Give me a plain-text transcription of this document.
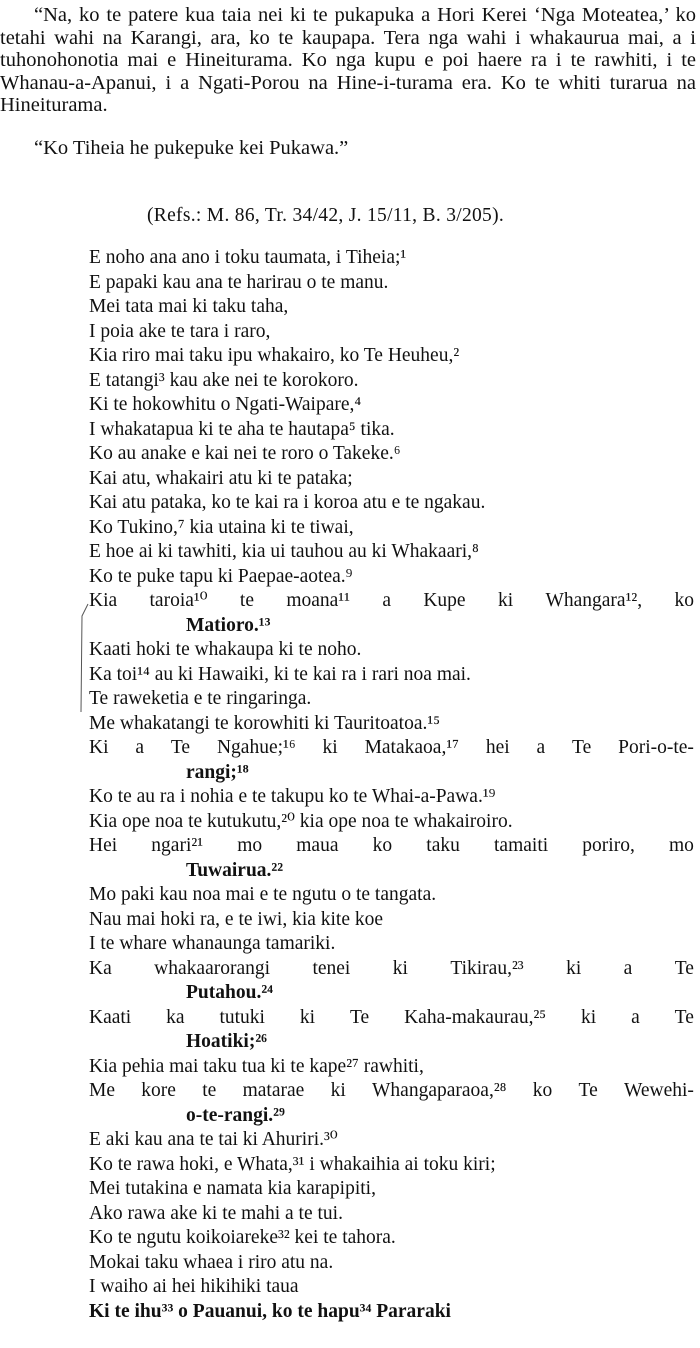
“Na, ko te patere kua taia nei ki te pukapuka a Hori Kerei ‘Nga Moteatea,’ ko tetahi wahi na Karangi, ara, ko te kaupapa. Tera nga wahi i whakaurua mai, a i tuhonohonotia mai e Hineiturama. Ko nga kupu e poi haere ra i te rawhiti, i te Whanau-a-Apanui, i a Ngati-Porou na Hine-i-turama era. Ko te whiti turarua na Hineiturama.

“Ko Tiheia he pukepuke kei Pukawa.”

(Refs.: M. 86, Tr. 34/42, J. 15/11, B. 3/205).

E noho ana ano i toku taumata, i Tiheia;¹
E papaki kau ana te harirau o te manu.
Mei tata mai ki taku taha,
I poia ake te tara i raro,
Kia riro mai taku ipu whakairo, ko Te Heuheu,²
E tatangi³ kau ake nei te korokoro.
Ki te hokowhitu o Ngati-Waipare,⁴
I whakatapua ki te aha te hautapa⁵ tika.
Ko au anake e kai nei te roro o Takeke.⁶
Kai atu, whakairi atu ki te pataka;
Kai atu pataka, ko te kai ra i koroa atu e te ngakau.
Ko Tukino,⁷ kia utaina ki te tiwai,
E hoe ai ki tawhiti, kia ui tauhou au ki Whakaari,⁸
Ko te puke tapu ki Paepae-aotea.⁹
Kia taroia¹⁰ te moana¹¹ a Kupe ki Whangara¹², ko
Matioro.¹³
Kaati hoki te whakaupa ki te noho.
Ka toi¹⁴ au ki Hawaiki, ki te kai ra i rari noa mai.
Te raweketia e te ringaringa.
Me whakatangi te korowhiti ki Tauritoatoa.¹⁵
Ki a Te Ngahue;¹⁶ ki Matakaoa,¹⁷ hei a Te Pori-o-te-
rangi;¹⁸
Ko te au ra i nohia e te takupu ko te Whai-a-Pawa.¹⁹
Kia ope noa te kutukutu,²⁰ kia ope noa te whakairoiro.
Hei ngari²¹ mo maua ko taku tamaiti poriro, mo
Tuwairua.²²
Mo paki kau noa mai e te ngutu o te tangata.
Nau mai hoki ra, e te iwi, kia kite koe
I te whare whanaunga tamariki.
Ka whakaarorangi tenei ki Tikirau,²³ ki a Te
Putahou.²⁴
Kaati ka tutuki ki Te Kaha-makaurau,²⁵ ki a Te
Hoatiki;²⁶
Kia pehia mai taku tua ki te kape²⁷ rawhiti,
Me kore te matarae ki Whangaparaoa,²⁸ ko Te Wewehi-
o-te-rangi.²⁹
E aki kau ana te tai ki Ahuriri.³⁰
Ko te rawa hoki, e Whata,³¹ i whakaihia ai toku kiri;
Mei tutakina e namata kia karapipiti,
Ako rawa ake ki te mahi a te tui.
Ko te ngutu koikoiareke³² kei te tahora.
Mokai taku whaea i riro atu na.
I waiho ai hei hikihiki taua
Ki te ihu³³ o Pauanui, ko te hapu³⁴ Pararaki
